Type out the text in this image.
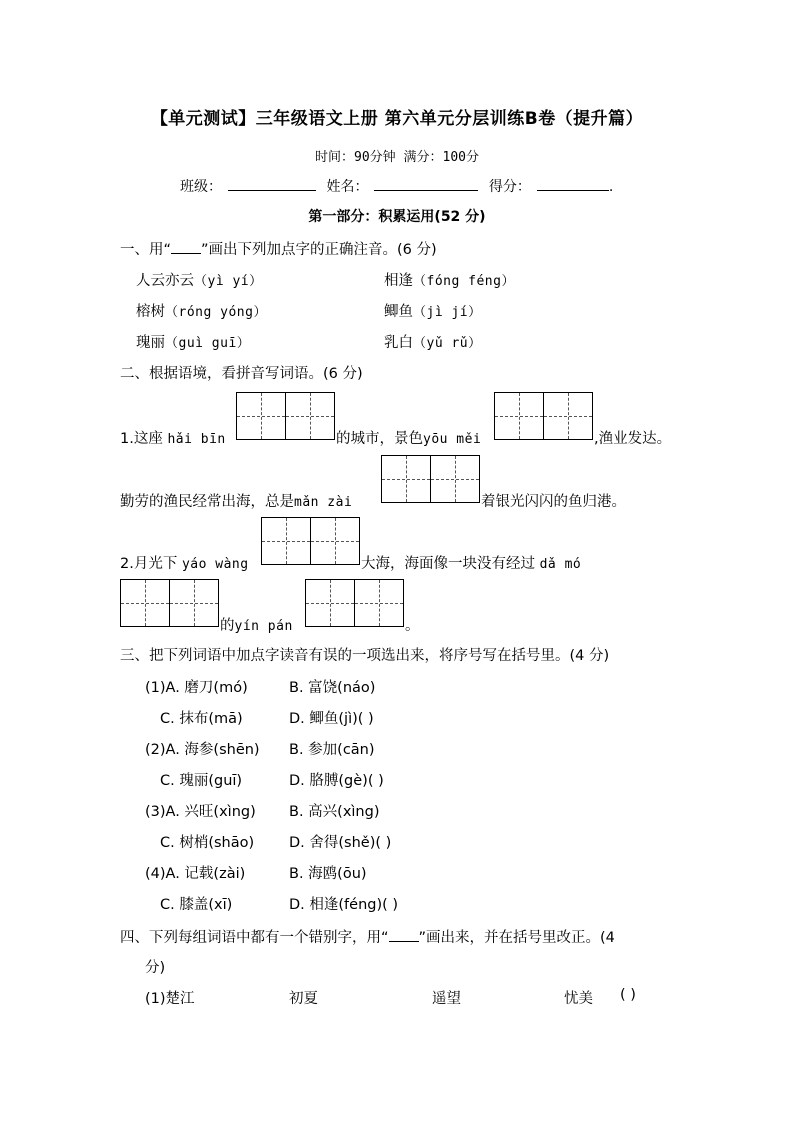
【单元测试】三年级语文上册 第六单元分层训练B卷（提升篇）
时间：90分钟 满分：100分
班级：	姓名：	得分：	.
第一部分：积累运用(52 分)
一、用“ ”画出下列加点字的正确注音。(6 分)
人云亦云（yì yí）	相逢（fóng féng）
榕树（róng yóng）	鲫鱼（jì jí）
瑰丽（guì guī）	乳白（yǔ rǔ）
二、根据语境，看拼音写词语。(6 分)
1.这座 hǎi bīn	的城市，景色yōu měi	,渔业发达。
勤劳的渔民经常出海，总是mǎn zài	着银光闪闪的鱼归港。
2.月光下 yáo wàng	大海，海面像一块没有经过 dǎ mó
的yín pán	。
三、把下列词语中加点字读音有误的一项选出来，将序号写在括号里。(4 分)
(1)A. 磨刀(mó)	B. 富饶(náo)
C. 抹布(mā)	D. 鲫鱼(jì)( )
(2)A. 海参(shēn) B. 参加(cān)
C. 瑰丽(guī)	D. 胳膊(gè)( )
(3)A. 兴旺(xìng) B. 高兴(xìng)
C. 树梢(shāo) D. 舍得(shě)( )
(4)A. 记载(zài)	B. 海鸥(ōu)
C. 膝盖(xī)	D. 相逢(féng)( )
四、下列每组词语中都有一个错别字，用“ ”画出来，并在括号里改正。(4
分)
(1)楚江	初夏	遥望	忧美 ( )
